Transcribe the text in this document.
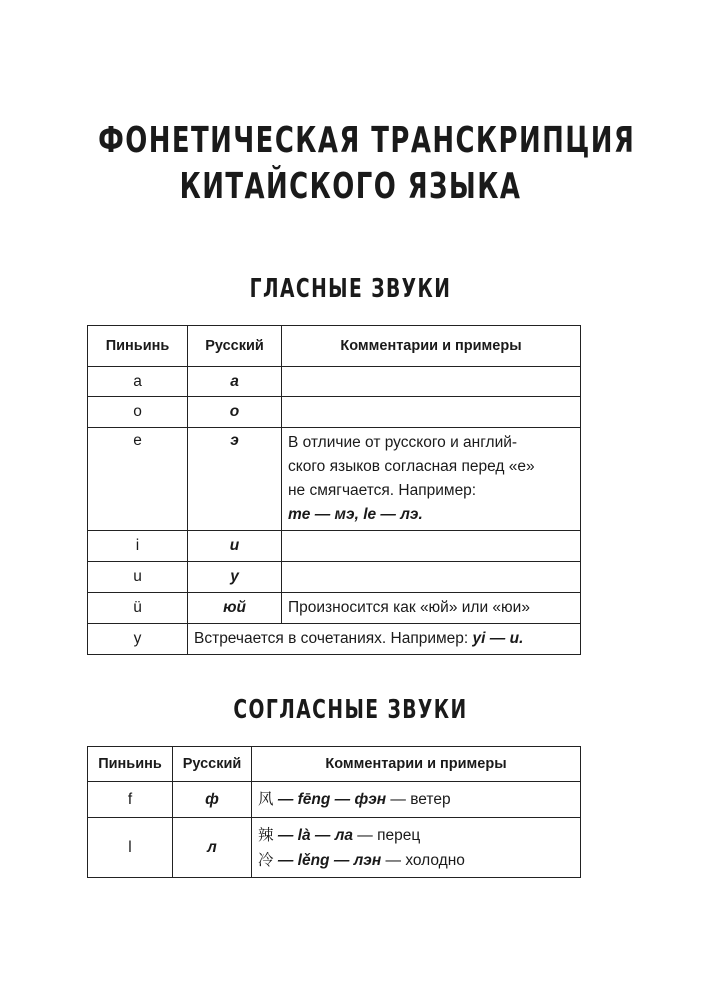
ФОНЕТИЧЕСКАЯ ТРАНСКРИПЦИЯ
КИТАЙСКОГО ЯЗЫКА
ГЛАСНЫЕ ЗВУКИ
Пиньинь	Русский	Комментарии и примеры
a	а	
o	о	
e	э	В отличие от русского и англий-
ского языков согласная перед «е»
не смягчается. Например:
me — мэ, le — лэ.

i	и	
u	у	
ü	юй	Произносится как «юй» или «юи»
y	Встречается в сочетаниях. Например: yi — и.	
СОГЛАСНЫЕ ЗВУКИ
Пиньинь	Русский	Комментарии и примеры
f	ф	风 — fēng — фэн — ветер

l	л	辣 — là — ла — перец
冷 — lěng — лэн — холодно
